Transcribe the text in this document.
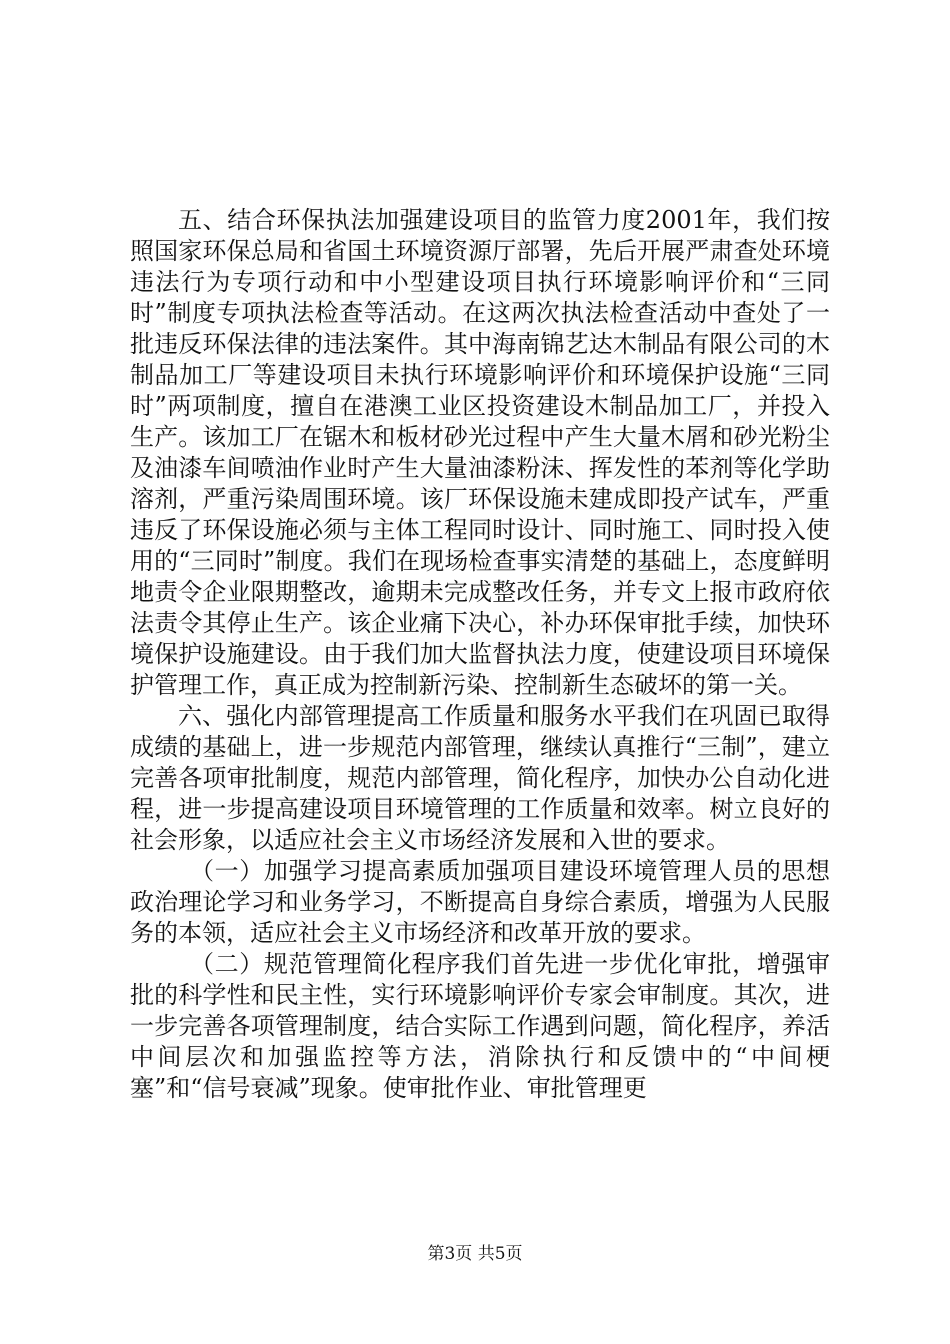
五、结合环保执法加强建设项目的监管力度2001年，我们按照国家环保总局和省国土环境资源厅部署，先后开展严肃查处环境违法行为专项行动和中小型建设项目执行环境影响评价和“三同时”制度专项执法检查等活动。在这两次执法检查活动中查处了一批违反环保法律的违法案件。其中海南锦艺达木制品有限公司的木制品加工厂等建设项目未执行环境影响评价和环境保护设施“三同时”两项制度，擅自在港澳工业区投资建设木制品加工厂，并投入生产。该加工厂在锯木和板材砂光过程中产生大量木屑和砂光粉尘及油漆车间喷油作业时产生大量油漆粉沫、挥发性的苯剂等化学助溶剂，严重污染周围环境。该厂环保设施未建成即投产试车，严重违反了环保设施必须与主体工程同时设计、同时施工、同时投入使用的“三同时”制度。我们在现场检查事实清楚的基础上，态度鲜明地责令企业限期整改，逾期未完成整改任务，并专文上报市政府依法责令其停止生产。该企业痛下决心，补办环保审批手续，加快环境保护设施建设。由于我们加大监督执法力度，使建设项目环境保护管理工作，真正成为控制新污染、控制新生态破坏的第一关。

六、强化内部管理提高工作质量和服务水平我们在巩固已取得成绩的基础上，进一步规范内部管理，继续认真推行“三制”，建立完善各项审批制度，规范内部管理，简化程序，加快办公自动化进程，进一步提高建设项目环境管理的工作质量和效率。树立良好的社会形象，以适应社会主义市场经济发展和入世的要求。

（一）加强学习提高素质加强项目建设环境管理人员的思想政治理论学习和业务学习，不断提高自身综合素质，增强为人民服务的本领，适应社会主义市场经济和改革开放的要求。

（二）规范管理简化程序我们首先进一步优化审批，增强审批的科学性和民主性，实行环境影响评价专家会审制度。其次，进一步完善各项管理制度，结合实际工作遇到问题，简化程序，养活中间层次和加强监控等方法，消除执行和反馈中的“中间梗塞”和“信号衰减”现象。使审批作业、审批管理更

第3页 共5页
